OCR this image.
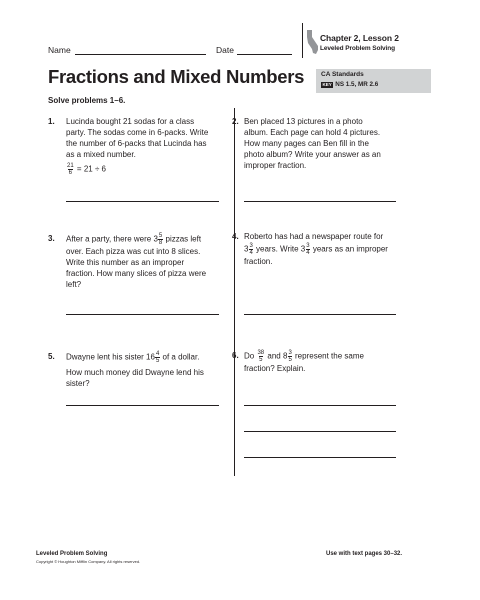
Name	Date
Chapter 2, Lesson 2
Leveled Problem Solving
Fractions and Mixed Numbers	CA Standards
KEY NS 1.5, MR 2.6

Solve problems 1–6.

1. Lucinda bought 21 sodas for a class
party. The sodas come in 6-packs. Write
the number of 6-packs that Lucinda has
as a mixed number.
$\frac{21}{6} = 21 \div 6$
2. Ben placed 13 pictures in a photo
album. Each page can hold 4 pictures.
How many pages can Ben fill in the
photo album? Write your answer as an
improper fraction.
3. After a party, there were $3 \frac{5}{8}$ pizzas left
over. Each pizza was cut into 8 slices.
Write this number as an improper
fraction. How many slices of pizza were
left?
4. Roberto has had a newspaper route for
$3 \frac{3}{4}$ years. Write $3 \frac{3}{4}$ years as an improper
fraction.
5. Dwayne lent his sister $16 \frac{4}{5}$ of a dollar.
How much money did Dwayne lend his
sister?
6. Do $\frac{38}{5}$ and $8 \frac{3}{5}$ represent the same
fraction? Explain.
Leveled Problem Solving
Copyright © Houghton Mifflin Company. All rights reserved.
Use with text pages 30–32.
